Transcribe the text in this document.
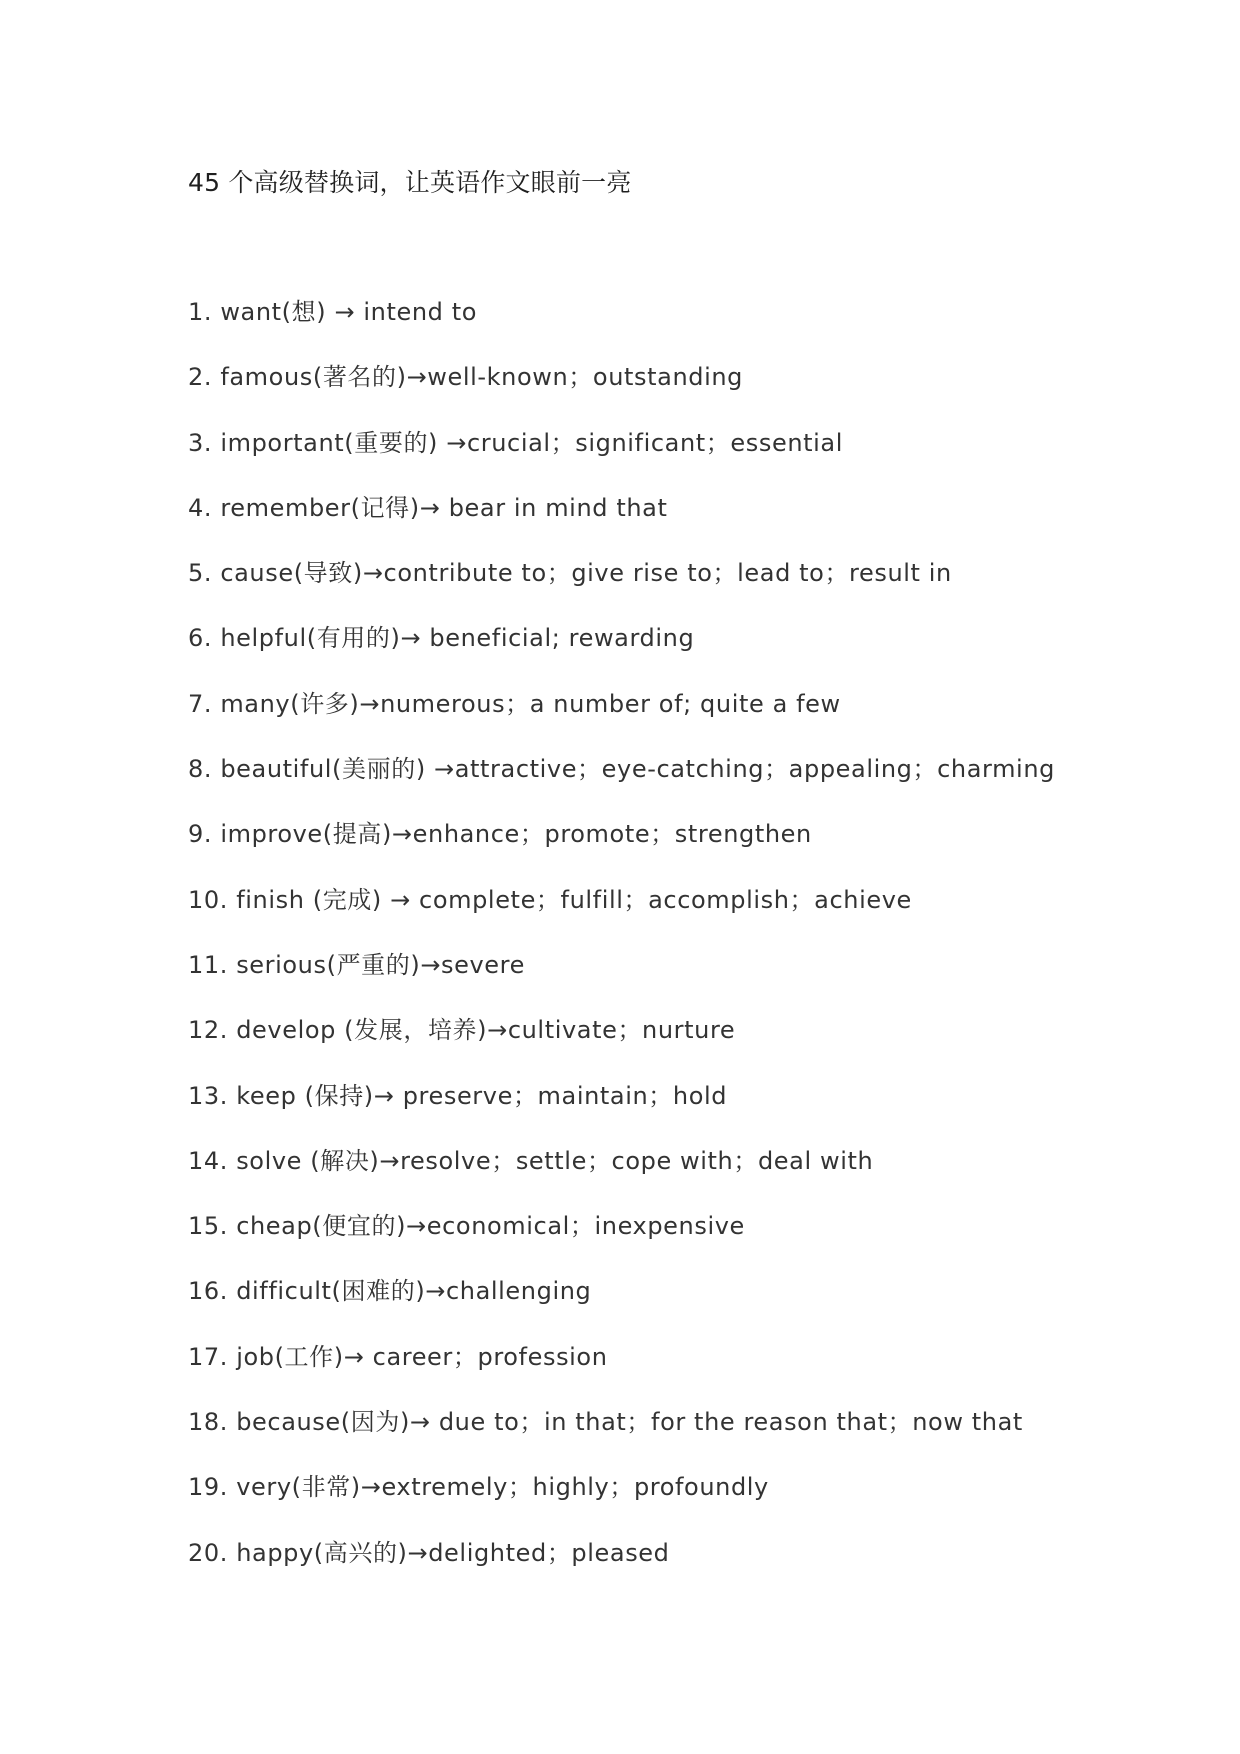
45 个高级替换词，让英语作文眼前一亮
1. want(想) → intend to
2. famous(著名的)→well-known；outstanding
3. important(重要的) →crucial；significant；essential
4. remember(记得)→ bear in mind that
5. cause(导致)→contribute to；give rise to；lead to；result in
6. helpful(有用的)→ beneficial; rewarding
7. many(许多)→numerous；a number of; quite a few
8. beautiful(美丽的) →attractive；eye-catching；appealing；charming
9. improve(提高)→enhance；promote；strengthen
10. finish (完成) → complete；fulfill；accomplish；achieve
11. serious(严重的)→severe
12. develop (发展，培养)→cultivate；nurture
13. keep (保持)→ preserve；maintain；hold
14. solve (解决)→resolve；settle；cope with；deal with
15. cheap(便宜的)→economical；inexpensive
16. difficult(困难的)→challenging
17. job(工作)→ career；profession
18. because(因为)→ due to；in that；for the reason that；now that
19. very(非常)→extremely；highly；profoundly
20. happy(高兴的)→delighted；pleased
